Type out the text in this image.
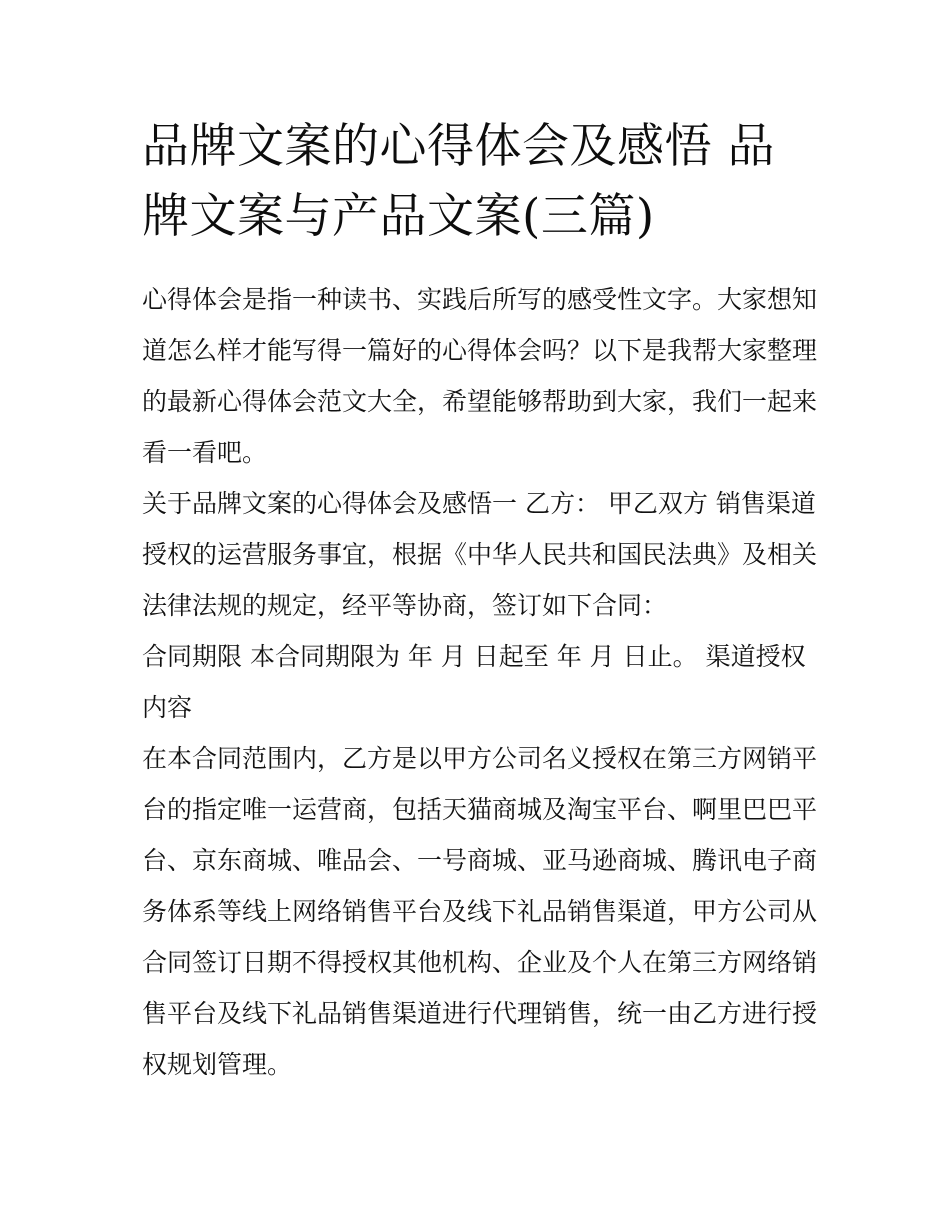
品牌文案的心得体会及感悟 品牌文案与产品文案(三篇)

心得体会是指一种读书、实践后所写的感受性文字。大家想知道怎么样才能写得一篇好的心得体会吗？以下是我帮大家整理的最新心得体会范文大全，希望能够帮助到大家，我们一起来看一看吧。

关于品牌文案的心得体会及感悟一 乙方： 甲乙双方 销售渠道授权的运营服务事宜，根据《中华人民共和国民法典》及相关法律法规的规定，经平等协商，签订如下合同：

合同期限 本合同期限为 年 月 日起至 年 月 日止。 渠道授权内容

在本合同范围内，乙方是以甲方公司名义授权在第三方网销平台的指定唯一运营商，包括天猫商城及淘宝平台、啊里巴巴平台、京东商城、唯品会、一号商城、亚马逊商城、腾讯电子商务体系等线上网络销售平台及线下礼品销售渠道，甲方公司从合同签订日期不得授权其他机构、企业及个人在第三方网络销售平台及线下礼品销售渠道进行代理销售，统一由乙方进行授权规划管理。
